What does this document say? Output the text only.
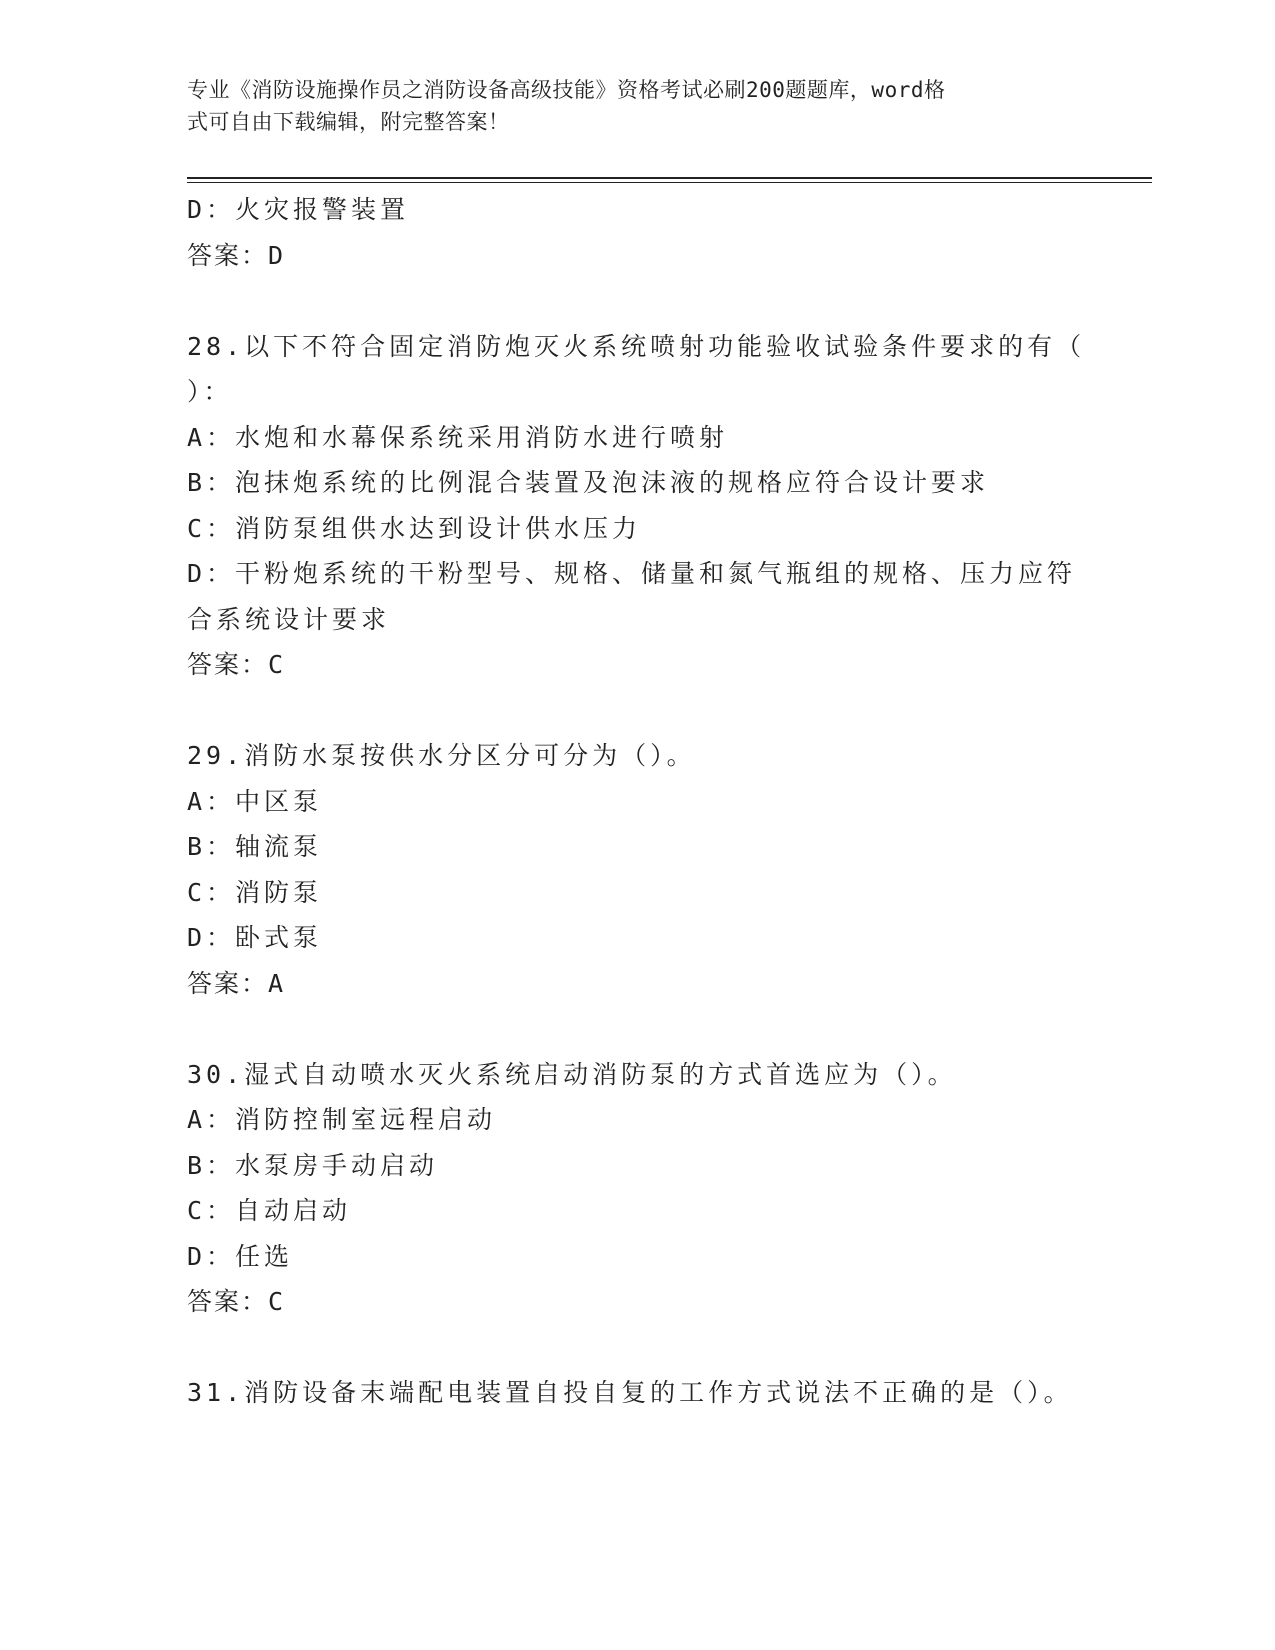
专业《消防设施操作员之消防设备高级技能》资格考试必刷200题题库，word格
式可自由下载编辑，附完整答案！
D：火灾报警装置
答案：D
28.以下不符合固定消防炮灭火系统喷射功能验收试验条件要求的有（
）：
A：水炮和水幕保系统采用消防水进行喷射
B：泡抹炮系统的比例混合装置及泡沫液的规格应符合设计要求
C：消防泵组供水达到设计供水压力
D：干粉炮系统的干粉型号、规格、储量和氮气瓶组的规格、压力应符
合系统设计要求
答案：C
29.消防水泵按供水分区分可分为（）。
A：中区泵
B：轴流泵
C：消防泵
D：卧式泵
答案：A
30.湿式自动喷水灭火系统启动消防泵的方式首选应为（）。
A：消防控制室远程启动
B：水泵房手动启动
C：自动启动
D：任选
答案：C
31.消防设备末端配电装置自投自复的工作方式说法不正确的是（）。
